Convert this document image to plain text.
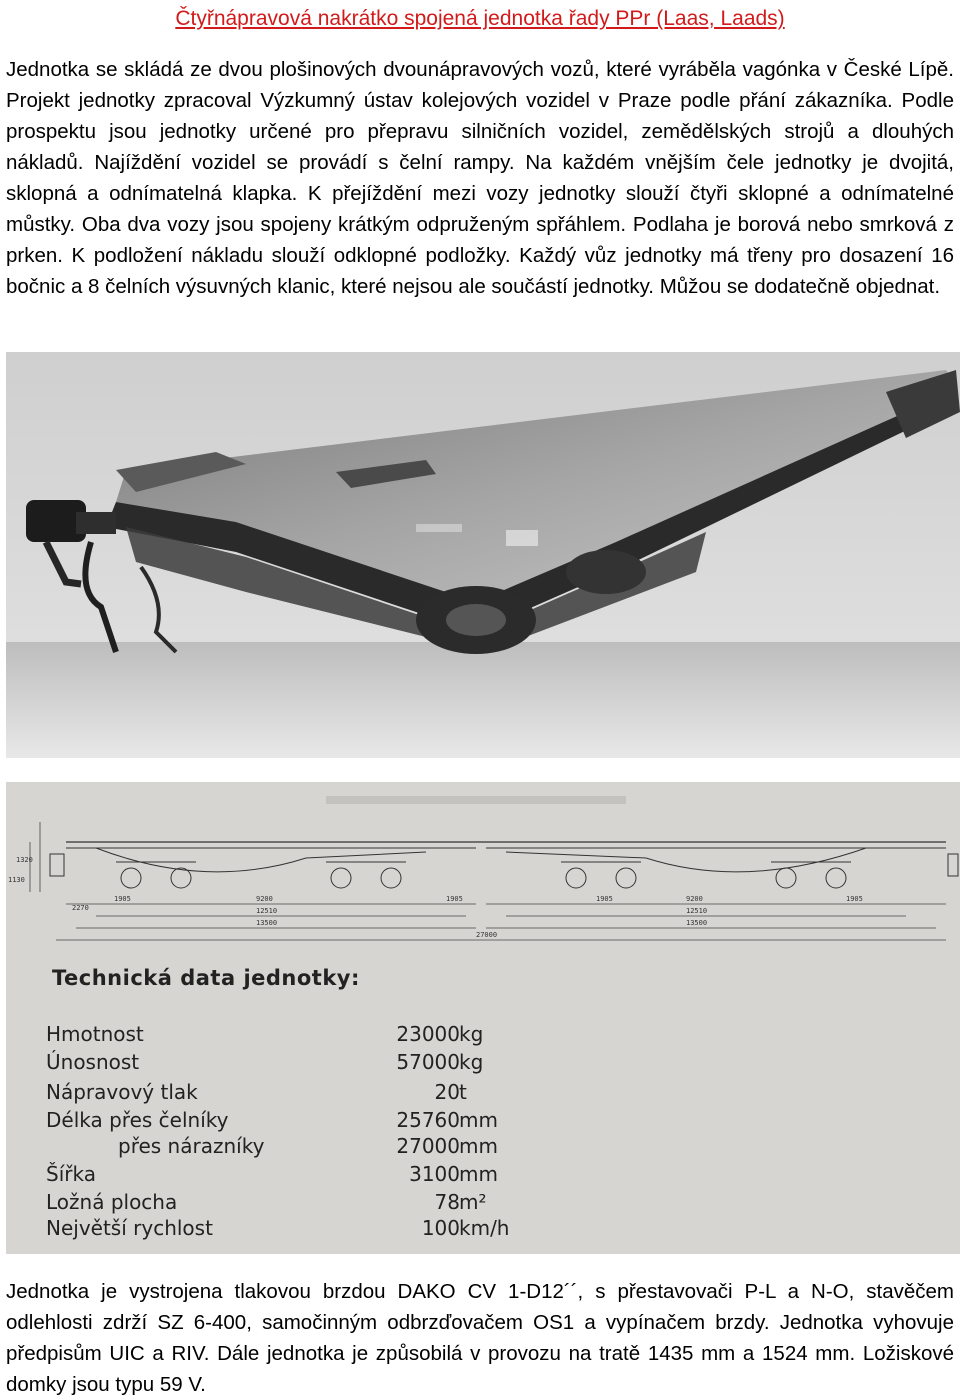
Čtyřnápravová nakrátko spojená jednotka řady PPr (Laas, Laads)

Jednotka se skládá ze dvou plošinových dvounápravových vozů, které vyráběla vagónka v České Lípě. Projekt jednotky zpracoval Výzkumný ústav kolejových vozidel v Praze podle přání zákazníka. Podle prospektu jsou jednotky určené pro přepravu silničních vozidel, zemědělských strojů a dlouhých nákladů. Najíždění vozidel se provádí s čelní rampy. Na každém vnějším čele jednotky je dvojitá, sklopná a odnímatelná klapka. K přejíždění mezi vozy jednotky slouží čtyři sklopné a odnímatelné můstky. Oba dva vozy jsou spojeny krátkým odpruženým spřáhlem. Podlaha je borová nebo smrková z prken. K podložení nákladu slouží odklopné podložky. Každý vůz jednotky má třeny pro dosazení 16 bočnic a 8 čelních výsuvných klanic, které nejsou ale součástí jednotky. Můžou se dodatečně objednat.

1905	9200
12510
13500
1905	9200
12510
13500
27000
1905	1905
2270
1320
1130
Technická data jednotky:
Hmotnost	23000 kg
Únosnost	57000 kg
Nápravový tlak	20 t
Délka přes čelníky	25760 mm
přes nárazníky	27000 mm
Šířka	3100 mm
Ložná plocha	78 m²
Největší rychlost	100 km/h

Jednotka je vystrojena tlakovou brzdou DAKO CV 1-D12´´, s přestavovači P-L a N-O, stavěčem odlehlosti zdrží SZ 6-400, samočinným odbrzďovačem OS1 a vypínačem brzdy. Jednotka vyhovuje předpisům UIC a RIV. Dále jednotka je způsobilá v provozu na tratě 1435 mm a 1524 mm. Ložiskové domky jsou typu 59 V.
